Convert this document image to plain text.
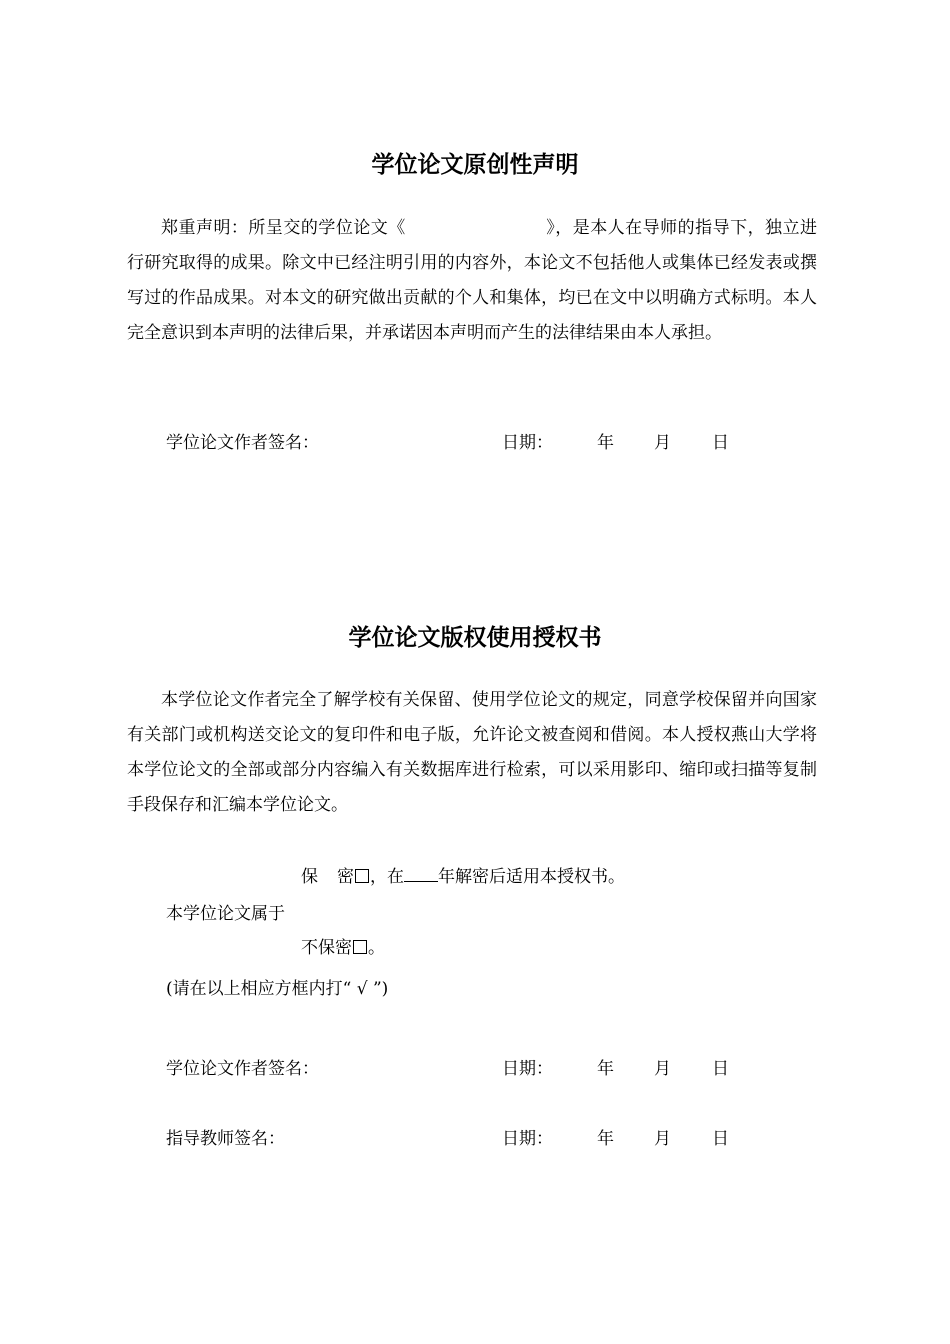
学位论文原创性声明
郑重声明：所呈交的学位论文《	》，是本人在导师的指导下，独立进行研究取得的成果。除文中已经注明引用的内容外，本论文不包括他人或集体已经发表或撰写过的作品成果。对本文的研究做出贡献的个人和集体，均已在文中以明确方式标明。本人完全意识到本声明的法律后果，并承诺因本声明而产生的法律结果由本人承担。
学位论文作者签名：	日期：	年 月 日
学位论文版权使用授权书
本学位论文作者完全了解学校有关保留、使用学位论文的规定，同意学校保留并向国家有关部门或机构送交论文的复印件和电子版，允许论文被查阅和借阅。本人授权燕山大学将本学位论文的全部或部分内容编入有关数据库进行检索，可以采用影印、缩印或扫描等复制手段保存和汇编本学位论文。
保 密 ，在 年解密后适用本授权书。
本学位论文属于
不保密 。
(请在以上相应方框内打“ √ ”)
学位论文作者签名：	日期：	年 月 日
指导教师签名：	日期：	年 月 日
